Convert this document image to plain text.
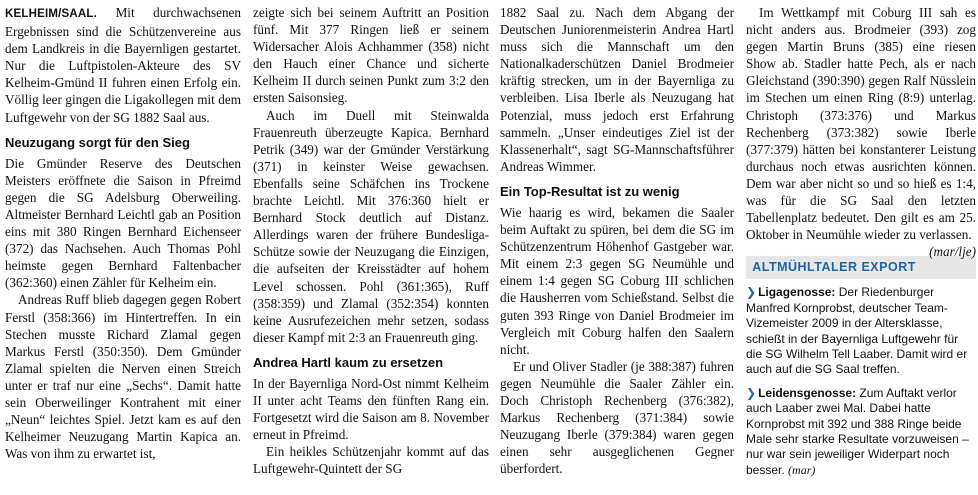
KELHEIM/SAAL. Mit durchwachsenen Ergebnissen sind die Schützenvereine aus dem Landkreis in die Bayernligen gestartet. Nur die Luftpistolen-Akteure des SV Kelheim-Gmünd II fuhren einen Erfolg ein. Völlig leer gingen die Ligakollegen mit dem Luftgewehr von der SG 1882 Saal aus.

Neuzugang sorgt für den Sieg

Die Gmünder Reserve des Deutschen Meisters eröffnete die Saison in Pfreimd gegen die SG Adelsburg Oberweiling. Altmeister Bernhard Leichtl gab an Position eins mit 380 Ringen Bernhard Eichenseer (372) das Nachsehen. Auch Thomas Pohl heimste gegen Bernhard Faltenbacher (362:360) einen Zähler für Kelheim ein.

Andreas Ruff blieb dagegen gegen Robert Ferstl (358:366) im Hintertreffen. In ein Stechen musste Richard Zlamal gegen Markus Ferstl (350:350). Dem Gmünder Zlamal spielten die Nerven einen Streich unter er traf nur eine „Sechs“. Damit hatte sein Oberweilinger Kontrahent mit einer „Neun“ leichtes Spiel. Jetzt kam es auf den Kelheimer Neuzugang Martin Kapica an. Was von ihm zu erwartet ist,

zeigte sich bei seinem Auftritt an Position fünf. Mit 377 Ringen ließ er seinem Widersacher Alois Achhammer (358) nicht den Hauch einer Chance und sicherte Kelheim II durch seinen Punkt zum 3:2 den ersten Saisonsieg.

Auch im Duell mit Steinwalda Frauenreuth überzeugte Kapica. Bernhard Petrik (349) war der Gmünder Verstärkung (371) in keinster Weise gewachsen. Ebenfalls seine Schäfchen ins Trockene brachte Leichtl. Mit 376:360 hielt er Bernhard Stock deutlich auf Distanz. Allerdings waren der frühere Bundesliga-Schütze sowie der Neuzugang die Einzigen, die aufseiten der Kreisstädter auf hohem Level schossen. Pohl (361:365), Ruff (358:359) und Zlamal (352:354) konnten keine Ausrufezeichen mehr setzen, sodass dieser Kampf mit 2:3 an Frauenreuth ging.

Andrea Hartl kaum zu ersetzen

In der Bayernliga Nord-Ost nimmt Kelheim II unter acht Teams den fünften Rang ein. Fortgesetzt wird die Saison am 8. November erneut in Pfreimd.

Ein heikles Schützenjahr kommt auf das Luftgewehr-Quintett der SG

1882 Saal zu. Nach dem Abgang der Deutschen Juniorenmeisterin Andrea Hartl muss sich die Mannschaft um den Nationalkaderschützen Daniel Brodmeier kräftig strecken, um in der Bayernliga zu verbleiben. Lisa Iberle als Neuzugang hat Potenzial, muss jedoch erst Erfahrung sammeln. „Unser eindeutiges Ziel ist der Klassenerhalt“, sagt SG-Mannschaftsführer Andreas Wimmer.

Ein Top-Resultat ist zu wenig

Wie haarig es wird, bekamen die Saaler beim Auftakt zu spüren, bei dem die SG im Schützenzentrum Höhenhof Gastgeber war. Mit einem 2:3 gegen SG Neumühle und einem 1:4 gegen SG Coburg III schlichen die Hausherren vom Schießstand. Selbst die guten 393 Ringe von Daniel Brodmeier im Vergleich mit Coburg halfen den Saalern nicht.

Er und Oliver Stadler (je 388:387) fuhren gegen Neumühle die Saaler Zähler ein. Doch Christoph Rechenberg (376:382), Markus Rechenberg (371:384) sowie Neuzugang Iberle (379:384) waren gegen einen sehr ausgeglichenen Gegner überfordert.

Im Wettkampf mit Coburg III sah es nicht anders aus. Brodmeier (393) zog gegen Martin Bruns (385) eine riesen Show ab. Stadler hatte Pech, als er nach Gleichstand (390:390) gegen Ralf Nüsslein im Stechen um einen Ring (8:9) unterlag. Christoph (373:376) und Markus Rechenberg (373:382) sowie Iberle (377:379) hätten bei konstanterer Leistung durchaus noch etwas ausrichten können. Dem war aber nicht so und so hieß es 1:4, was für die SG Saal den letzten Tabellenplatz bedeutet. Den gilt es am 25. Oktober in Neumühle wieder zu verlassen.
(mar/lje)

ALTMÜHLTALER EXPORT

❯ Ligagenosse: Der Riedenburger Manfred Kornprobst, deutscher Team-Vizemeister 2009 in der Altersklasse, schießt in der Bayernliga Luftgewehr für die SG Wilhelm Tell Laaber. Damit wird er auch auf die SG Saal treffen.

❯ Leidensgenosse: Zum Auftakt verlor auch Laaber zwei Mal. Dabei hatte Kornprobst mit 392 und 388 Ringe beide Male sehr starke Resultate vorzuweisen – nur war sein jeweiliger Widerpart noch besser. (mar)
